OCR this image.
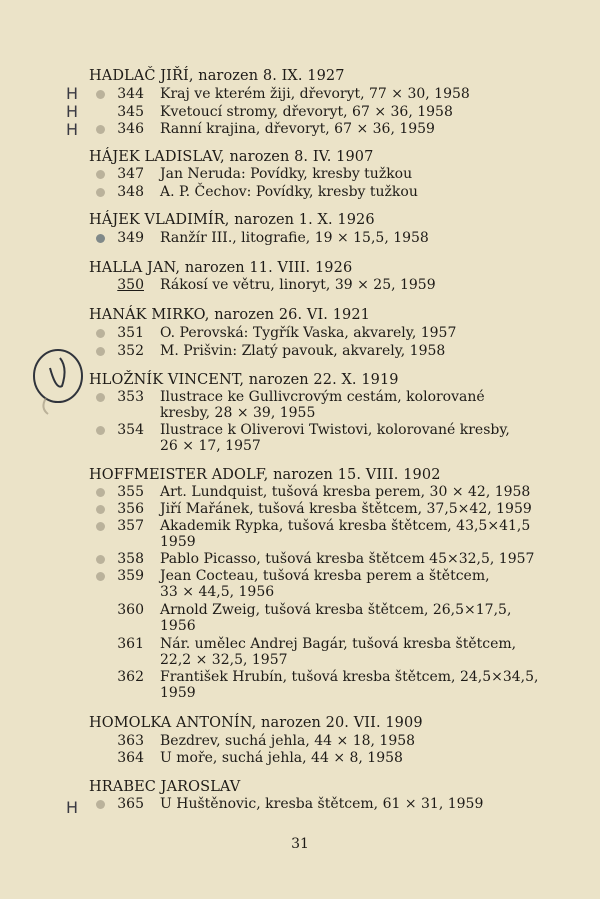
HADLAČ JIŘÍ, narozen 8. IX. 1927
344 Kraj ve kterém žiji, dřevoryt, 77 × 30, 1958
345 Kvetoucí stromy, dřevoryt, 67 × 36, 1958
346 Ranní krajina, dřevoryt, 67 × 36, 1959
H
H
H
HÁJEK LADISLAV, narozen 8. IV. 1907
347 Jan Neruda: Povídky, kresby tužkou
348 A. P. Čechov: Povídky, kresby tužkou
HÁJEK VLADIMÍR, narozen 1. X. 1926
349 Ranžír III., litografie, 19 × 15,5, 1958
HALLA JAN, narozen 11. VIII. 1926
350 Rákosí ve větru, linoryt, 39 × 25, 1959
HANÁK MIRKO, narozen 26. VI. 1921
351 O. Perovská: Tygřík Vaska, akvarely, 1957
352 M. Prišvin: Zlatý pavouk, akvarely, 1958
HLOŽNÍK VINCENT, narozen 22. X. 1919
353 Ilustrace ke Gullivcrovým cestám, kolorované
kresby, 28 × 39, 1955
354 Ilustrace k Oliverovi Twistovi, kolorované kresby,
26 × 17, 1957
HOFFMEISTER ADOLF, narozen 15. VIII. 1902
355 Art. Lundquist, tušová kresba perem, 30 × 42, 1958
356 Jiří Mařánek, tušová kresba štětcem, 37,5×42, 1959
357 Akademik Rypka, tušová kresba štětcem, 43,5×41,5
1959
358 Pablo Picasso, tušová kresba štětcem 45×32,5, 1957
359 Jean Cocteau, tušová kresba perem a štětcem,
33 × 44,5, 1956
360 Arnold Zweig, tušová kresba štětcem, 26,5×17,5,
1956
361 Nár. umělec Andrej Bagár, tušová kresba štětcem,
22,2 × 32,5, 1957
362 František Hrubín, tušová kresba štětcem, 24,5×34,5,
1959
HOMOLKA ANTONÍN, narozen 20. VII. 1909
363 Bezdrev, suchá jehla, 44 × 18, 1958
364 U moře, suchá jehla, 44 × 8, 1958
HRABEC JAROSLAV
365 U Huštěnovic, kresba štětcem, 61 × 31, 1959
H
31
